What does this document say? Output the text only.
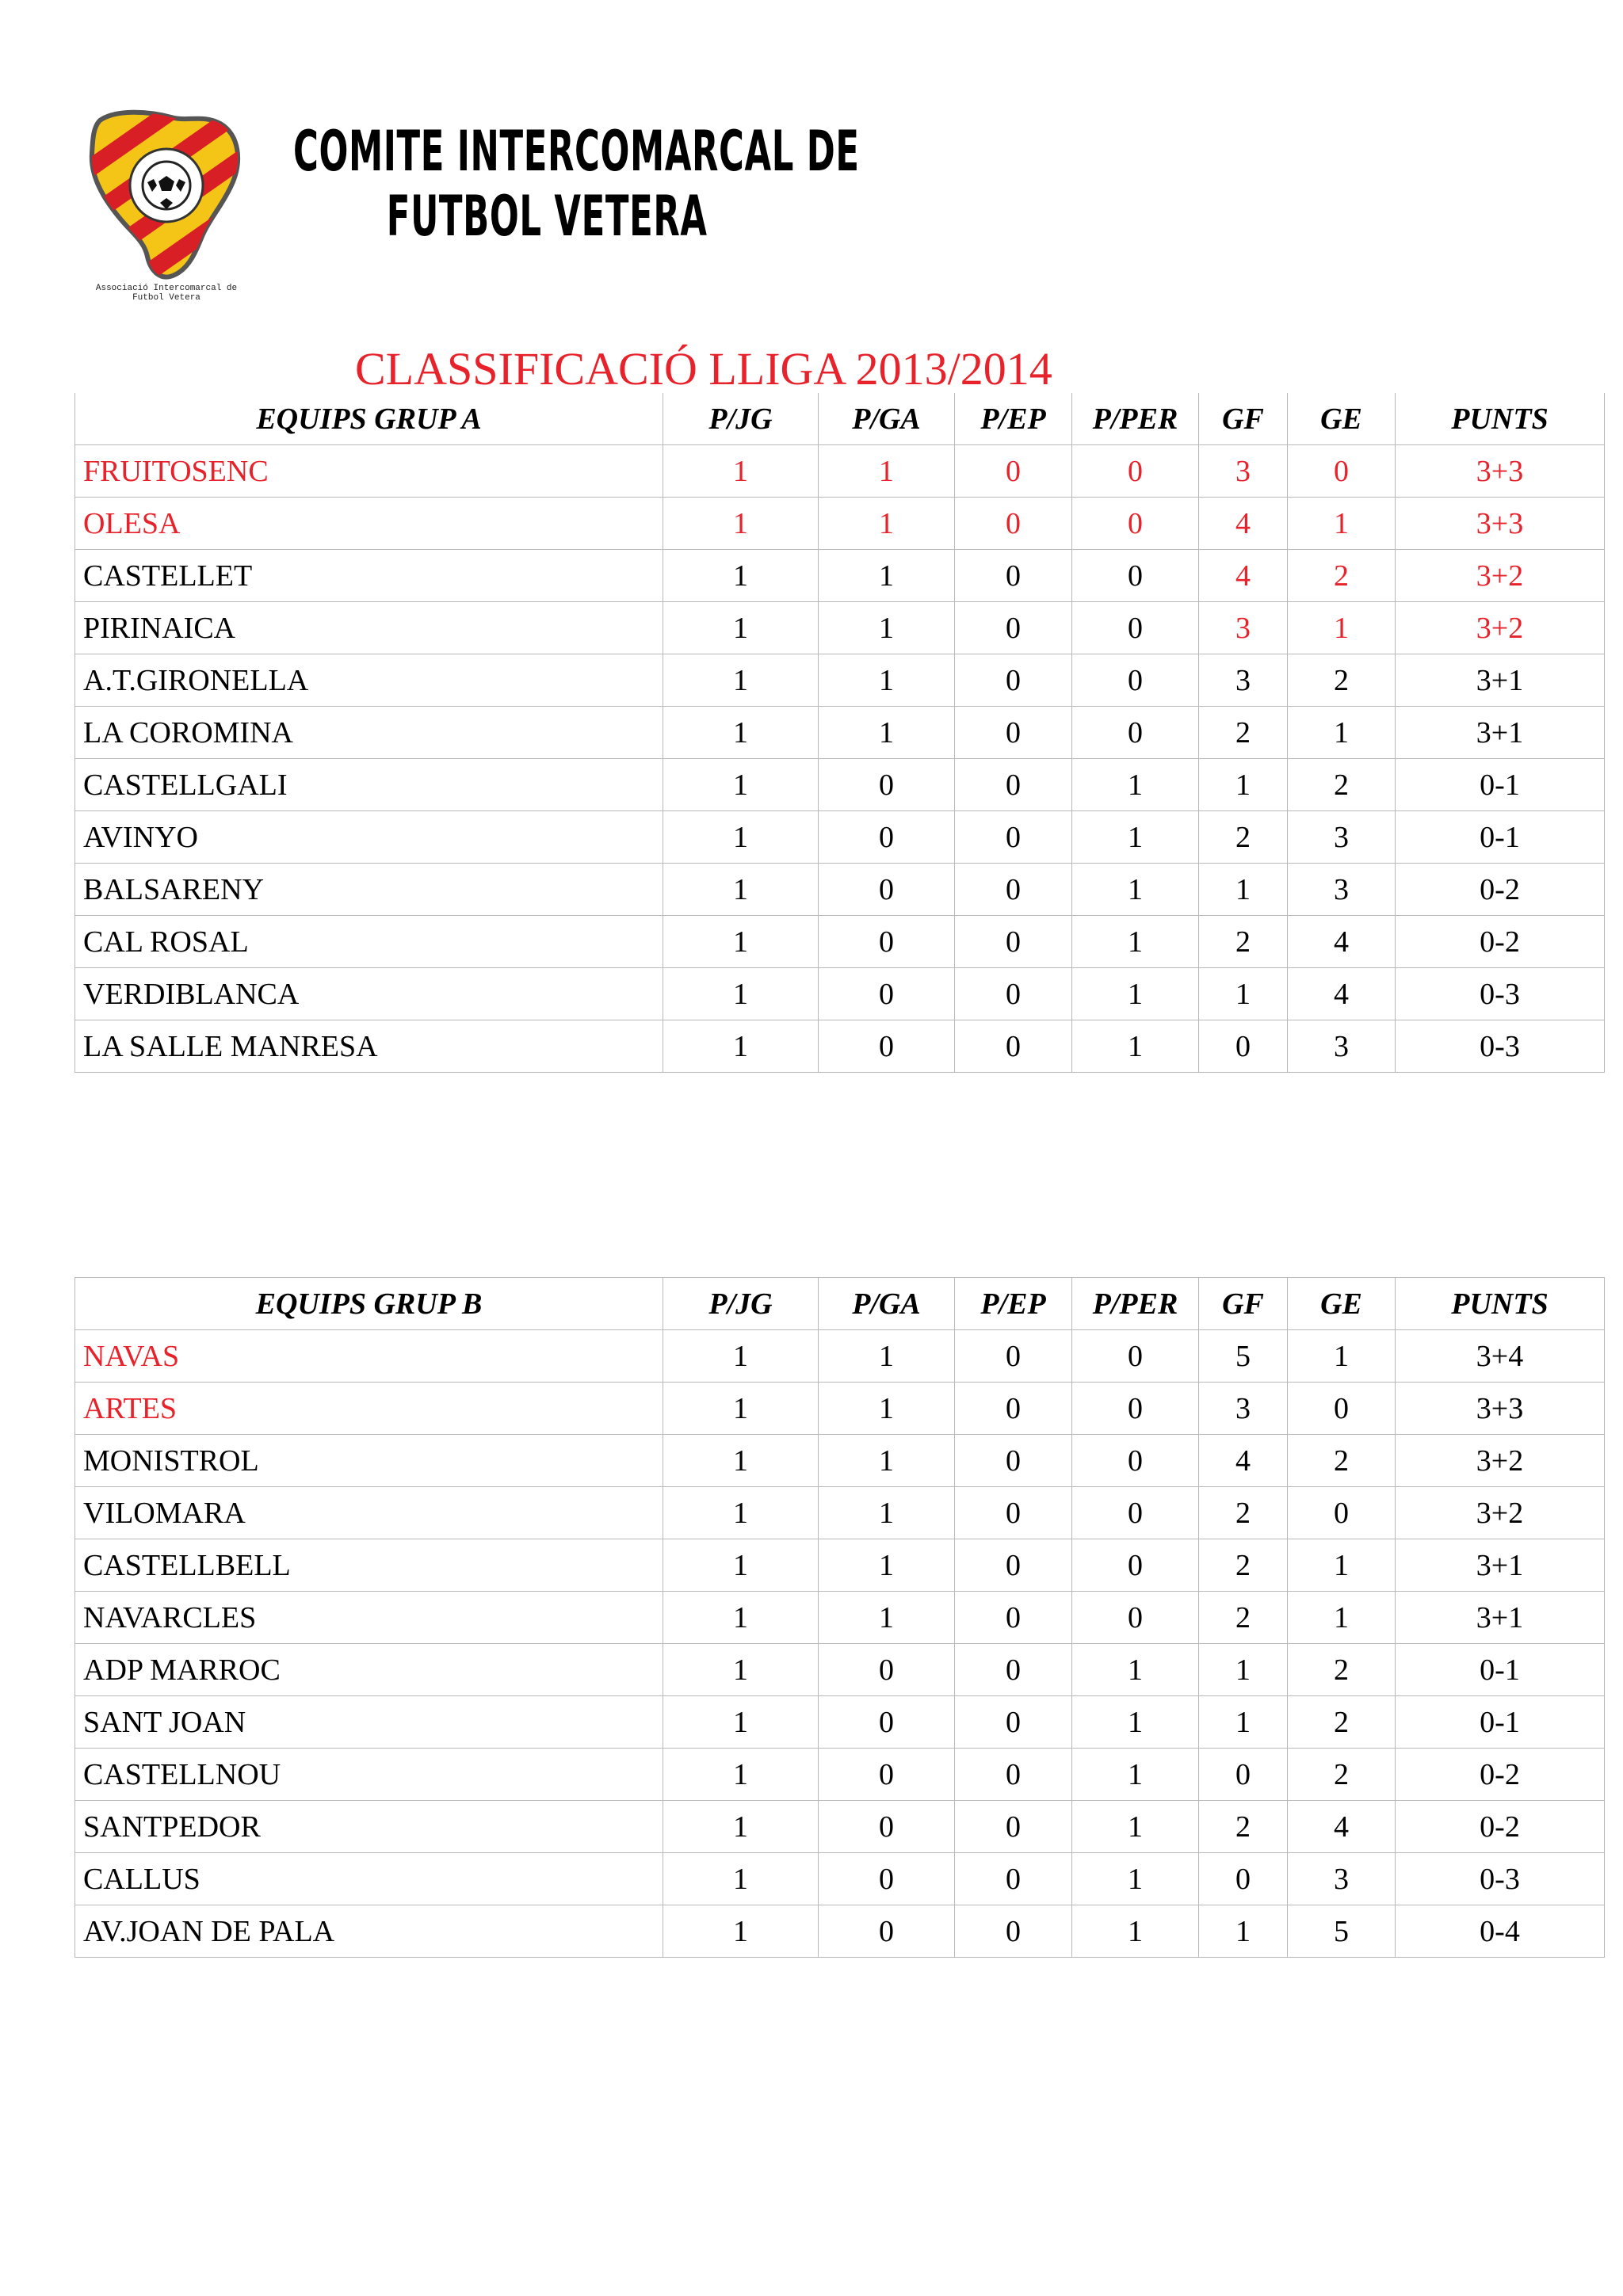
Associació Intercomarcal de
Futbol Vetera
COMITE INTERCOMARCAL DE
FUTBOL VETERA
CLASSIFICACIÓ LLIGA 2013/2014
EQUIPS GRUP A	P/JG	P/GA	P/EP	P/PER	GF	GE	PUNTS
FRUITOSENC	1	1	0	0	3	0	3+3
OLESA	1	1	0	0	4	1	3+3
CASTELLET	1	1	0	0	4	2	3+2
PIRINAICA	1	1	0	0	3	1	3+2
A.T.GIRONELLA	1	1	0	0	3	2	3+1
LA COROMINA	1	1	0	0	2	1	3+1
CASTELLGALI	1	0	0	1	1	2	0-1
AVINYO	1	0	0	1	2	3	0-1
BALSARENY	1	0	0	1	1	3	0-2
CAL ROSAL	1	0	0	1	2	4	0-2
VERDIBLANCA	1	0	0	1	1	4	0-3
LA SALLE MANRESA	1	0	0	1	0	3	0-3
EQUIPS GRUP B	P/JG	P/GA	P/EP	P/PER	GF	GE	PUNTS
NAVAS	1	1	0	0	5	1	3+4
ARTES	1	1	0	0	3	0	3+3
MONISTROL	1	1	0	0	4	2	3+2
VILOMARA	1	1	0	0	2	0	3+2
CASTELLBELL	1	1	0	0	2	1	3+1
NAVARCLES	1	1	0	0	2	1	3+1
ADP MARROC	1	0	0	1	1	2	0-1
SANT JOAN	1	0	0	1	1	2	0-1
CASTELLNOU	1	0	0	1	0	2	0-2
SANTPEDOR	1	0	0	1	2	4	0-2
CALLUS	1	0	0	1	0	3	0-3
AV.JOAN DE PALA	1	0	0	1	1	5	0-4
